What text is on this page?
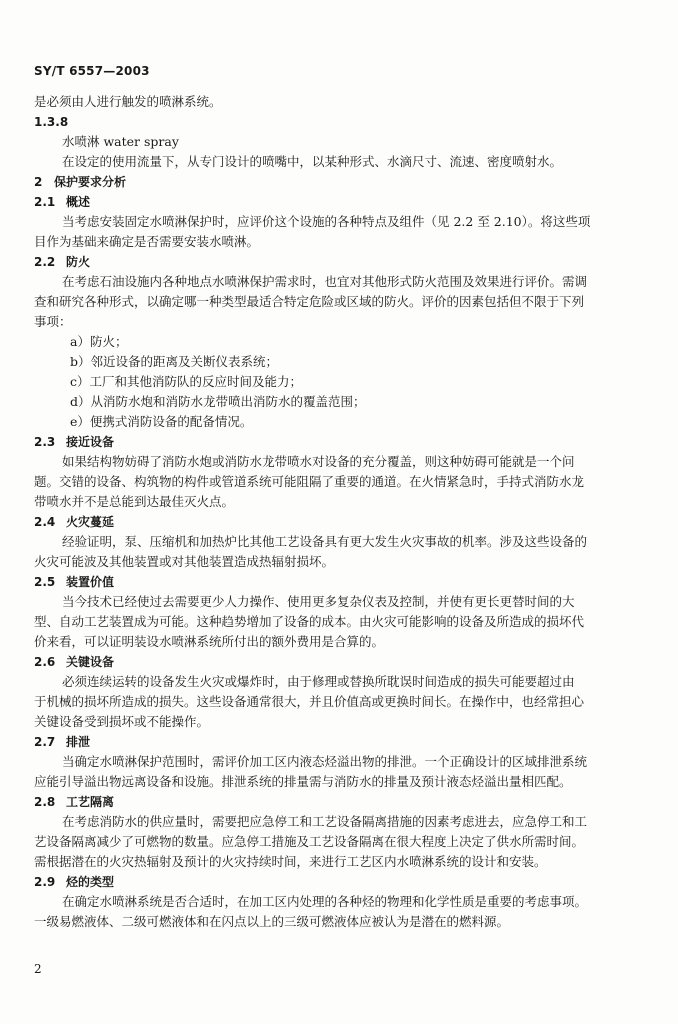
SY/T 6557—2003
是必须由人进行触发的喷淋系统。
1.3.8
水喷淋 water spray
在设定的使用流量下，从专门设计的喷嘴中，以某种形式、水滴尺寸、流速、密度喷射水。
2 保护要求分析
2.1 概述
当考虑安装固定水喷淋保护时，应评价这个设施的各种特点及组件（见 2.2 至 2.10）。将这些项
目作为基础来确定是否需要安装水喷淋。
2.2 防火
在考虑石油设施内各种地点水喷淋保护需求时，也宜对其他形式防火范围及效果进行评价。需调
查和研究各种形式，以确定哪一种类型最适合特定危险或区域的防火。评价的因素包括但不限于下列
事项：
a）防火；
b）邻近设备的距离及关断仪表系统；
c）工厂和其他消防队的反应时间及能力；
d）从消防水炮和消防水龙带喷出消防水的覆盖范围；
e）便携式消防设备的配备情况。
2.3 接近设备
如果结构物妨碍了消防水炮或消防水龙带喷水对设备的充分覆盖，则这种妨碍可能就是一个问
题。交错的设备、构筑物的构件或管道系统可能阻隔了重要的通道。在火情紧急时，手持式消防水龙
带喷水并不是总能到达最佳灭火点。
2.4 火灾蔓延
经验证明，泵、压缩机和加热炉比其他工艺设备具有更大发生火灾事故的机率。涉及这些设备的
火灾可能波及其他装置或对其他装置造成热辐射损坏。
2.5 装置价值
当今技术已经使过去需要更少人力操作、使用更多复杂仪表及控制，并使有更长更替时间的大
型、自动工艺装置成为可能。这种趋势增加了设备的成本。由火灾可能影响的设备及所造成的损坏代
价来看，可以证明装设水喷淋系统所付出的额外费用是合算的。
2.6 关键设备
必须连续运转的设备发生火灾或爆炸时，由于修理或替换所耽误时间造成的损失可能要超过由
于机械的损坏所造成的损失。这些设备通常很大，并且价值高或更换时间长。在操作中，也经常担心
关键设备受到损坏或不能操作。
2.7 排泄
当确定水喷淋保护范围时，需评价加工区内液态烃溢出物的排泄。一个正确设计的区域排泄系统
应能引导溢出物远离设备和设施。排泄系统的排量需与消防水的排量及预计液态烃溢出量相匹配。
2.8 工艺隔离
在考虑消防水的供应量时，需要把应急停工和工艺设备隔离措施的因素考虑进去，应急停工和工
艺设备隔离减少了可燃物的数量。应急停工措施及工艺设备隔离在很大程度上决定了供水所需时间。
需根据潜在的火灾热辐射及预计的火灾持续时间，来进行工艺区内水喷淋系统的设计和安装。
2.9 烃的类型
在确定水喷淋系统是否合适时，在加工区内处理的各种烃的物理和化学性质是重要的考虑事项。
一级易燃液体、二级可燃液体和在闪点以上的三级可燃液体应被认为是潜在的燃料源。
2
